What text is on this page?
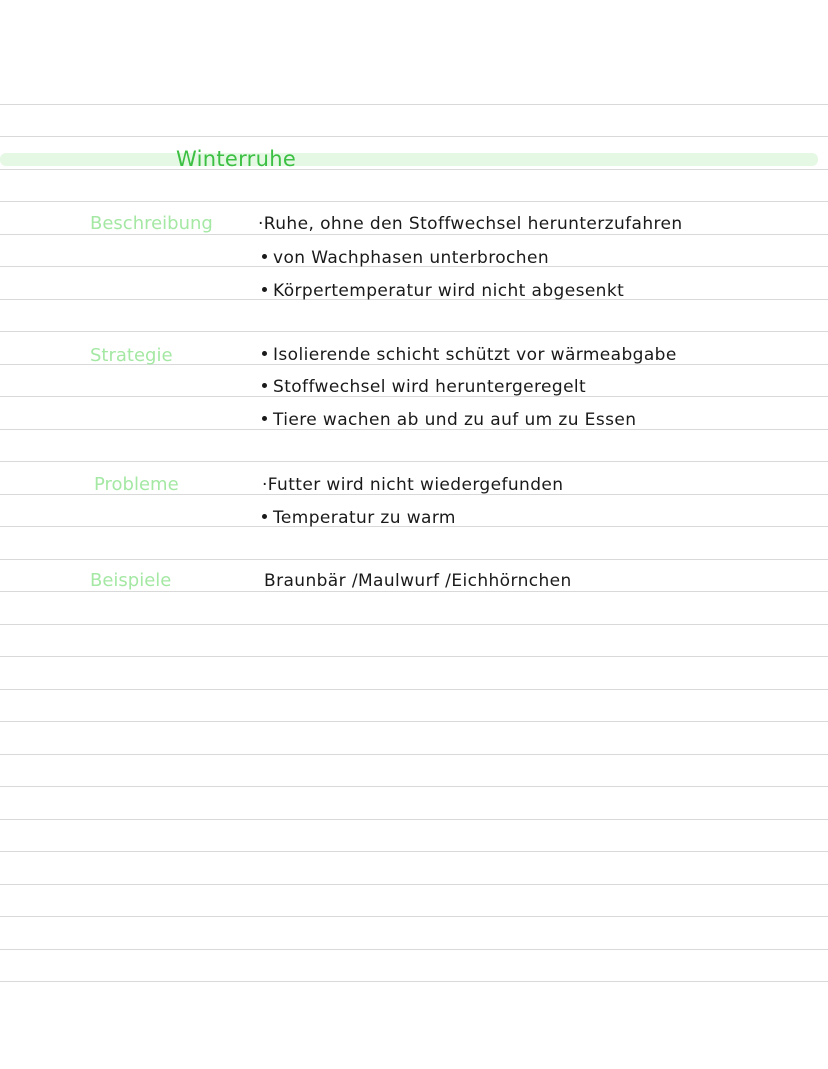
Winterruhe
Beschreibung	·Ruhe, ohne den Stoffwechsel herunterzufahren
von Wachphasen unterbrochen
Körpertemperatur wird nicht abgesenkt
Strategie	Isolierende schicht schützt vor wärmeabgabe
Stoffwechsel wird heruntergeregelt
Tiere wachen ab und zu auf um zu Essen
Probleme	·Futter wird nicht wiedergefunden
Temperatur zu warm
Beispiele	Braunbär /Maulwurf /Eichhörnchen
